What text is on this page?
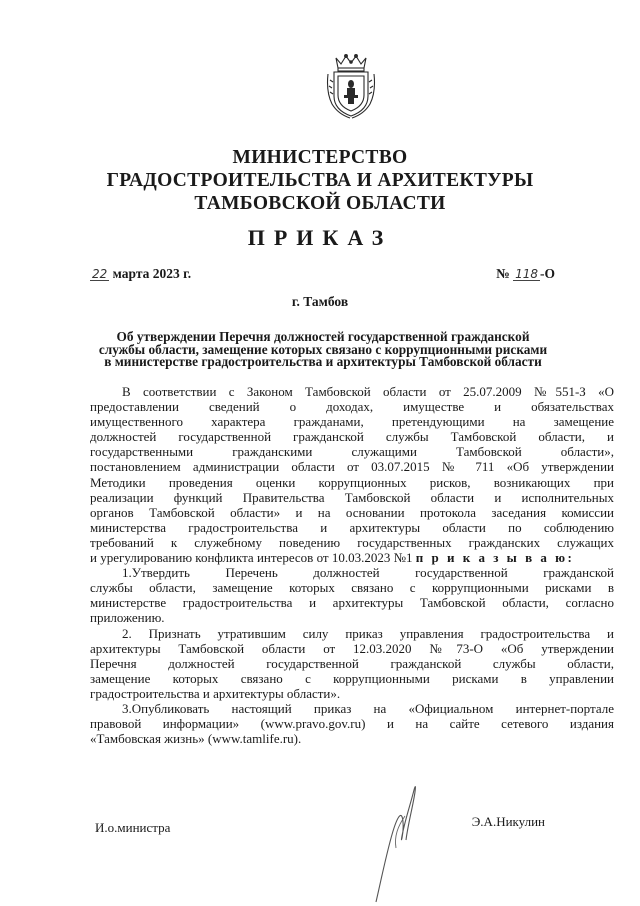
МИНИСТЕРСТВО
ГРАДОСТРОИТЕЛЬСТВА И АРХИТЕКТУРЫ
ТАМБОВСКОЙ ОБЛАСТИ
ПРИКАЗ
22 марта 2023 г.	№ 118 -О
г. Тамбов
Об утверждении Перечня должностей государственной гражданской
службы области, замещение которых связано с коррупционными рисками
в министерстве градостроительства и архитектуры Тамбовской области
В соответствии с Законом Тамбовской области от 25.07.2009 №551-З «О
предоставлении сведений о доходах, имуществе и обязательствах
имущественного характера гражданами, претендующими на замещение
должностей государственной гражданской службы Тамбовской области, и
государственными гражданскими служащими Тамбовской области»,
постановлением администрации области от 03.07.2015 № 711 «Об утверждении
Методики проведения оценки коррупционных рисков, возникающих при
реализации функций Правительства Тамбовской области и исполнительных
органов Тамбовской области» и на основании протокола заседания комиссии
министерства градостроительства и архитектуры области по соблюдению
требований к служебному поведению государственных гражданских служащих
и урегулированию конфликта интересов от 10.03.2023 №1 п р и к а з ы в а ю:
1.Утвердить Перечень должностей государственной гражданской
службы области, замещение которых связано с коррупционными рисками в
министерстве градостроительства и архитектуры Тамбовской области, согласно
приложению.
2. Признать утратившим силу приказ управления градостроительства и
архитектуры Тамбовской области от 12.03.2020 №73-О «Об утверждении
Перечня должностей государственной гражданской службы области,
замещение которых связано с коррупционными рисками в управлении
градостроительства и архитектуры области».
3.Опубликовать настоящий приказ на «Официальном интернет-портале
правовой информации» (www.pravo.gov.ru) и на сайте сетевого издания
«Тамбовская жизнь» (www.tamlife.ru).
И.о.министра	Э.А.Никулин
